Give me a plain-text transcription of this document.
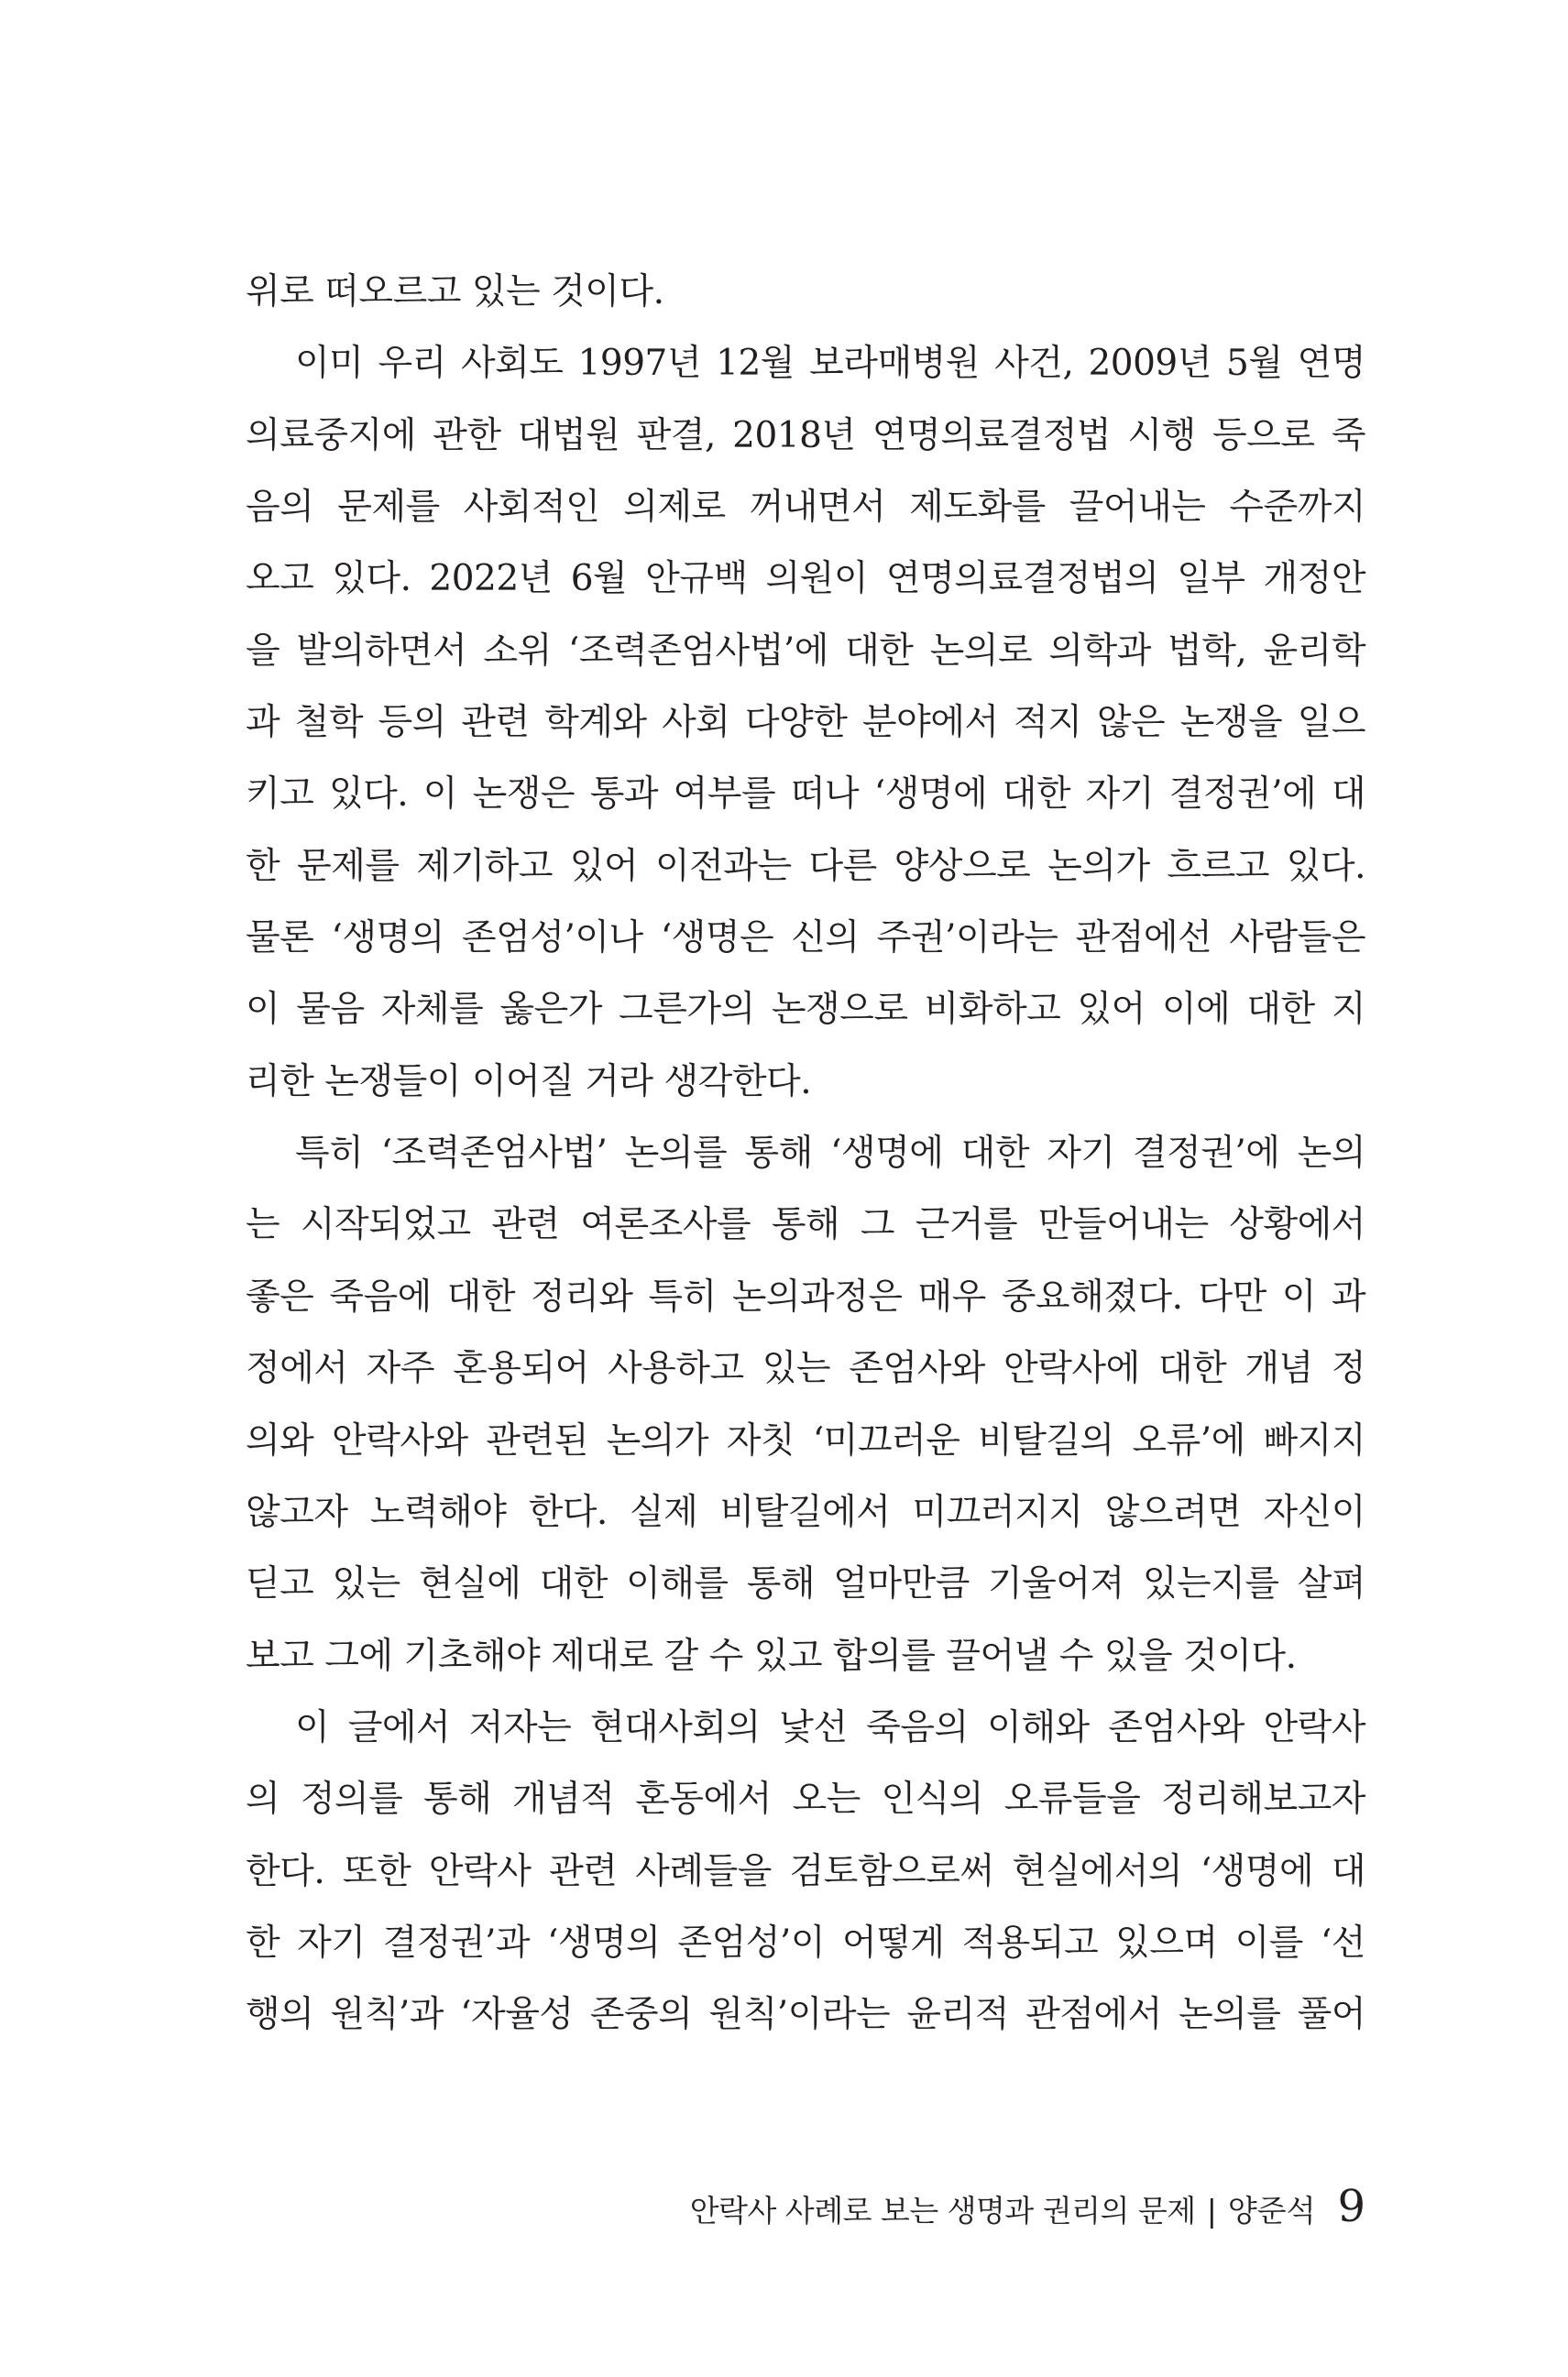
위로 떠오르고 있는 것이다.
이미 우리 사회도 1997년 12월 보라매병원 사건, 2009년 5월 연명
의료중지에 관한 대법원 판결, 2018년 연명의료결정법 시행 등으로 죽
음의 문제를 사회적인 의제로 꺼내면서 제도화를 끌어내는 수준까지
오고 있다. 2022년 6월 안규백 의원이 연명의료결정법의 일부 개정안
을 발의하면서 소위 ‘조력존엄사법’에 대한 논의로 의학과 법학, 윤리학
과 철학 등의 관련 학계와 사회 다양한 분야에서 적지 않은 논쟁을 일으
키고 있다. 이 논쟁은 통과 여부를 떠나 ‘생명에 대한 자기 결정권’에 대
한 문제를 제기하고 있어 이전과는 다른 양상으로 논의가 흐르고 있다.
물론 ‘생명의 존엄성’이나 ‘생명은 신의 주권’이라는 관점에선 사람들은
이 물음 자체를 옳은가 그른가의 논쟁으로 비화하고 있어 이에 대한 지
리한 논쟁들이 이어질 거라 생각한다.
특히 ‘조력존엄사법’ 논의를 통해 ‘생명에 대한 자기 결정권’에 논의
는 시작되었고 관련 여론조사를 통해 그 근거를 만들어내는 상황에서
좋은 죽음에 대한 정리와 특히 논의과정은 매우 중요해졌다. 다만 이 과
정에서 자주 혼용되어 사용하고 있는 존엄사와 안락사에 대한 개념 정
의와 안락사와 관련된 논의가 자칫 ‘미끄러운 비탈길의 오류’에 빠지지
않고자 노력해야 한다. 실제 비탈길에서 미끄러지지 않으려면 자신이
딛고 있는 현실에 대한 이해를 통해 얼마만큼 기울어져 있는지를 살펴
보고 그에 기초해야 제대로 갈 수 있고 합의를 끌어낼 수 있을 것이다.
이 글에서 저자는 현대사회의 낯선 죽음의 이해와 존엄사와 안락사
의 정의를 통해 개념적 혼동에서 오는 인식의 오류들을 정리해보고자
한다. 또한 안락사 관련 사례들을 검토함으로써 현실에서의 ‘생명에 대
한 자기 결정권’과 ‘생명의 존엄성’이 어떻게 적용되고 있으며 이를 ‘선
행의 원칙’과 ‘자율성 존중의 원칙’이라는 윤리적 관점에서 논의를 풀어
안락사 사례로 보는 생명과 권리의 문제 | 양준석 9
